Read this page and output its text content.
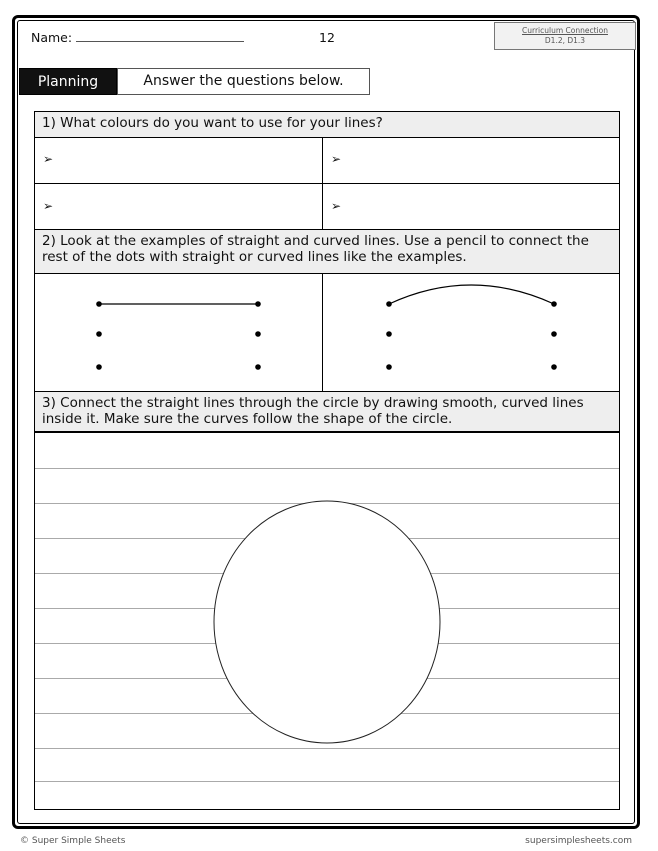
Name:	12	Curriculum Connection
D1.2, D1.3
Planning	Answer the questions below.
1) What colours do you want to use for your lines?
➢	➢
➢	➢
2) Look at the examples of straight and curved lines. Use a pencil to connect the rest of the dots with straight or curved lines like the examples.
3) Connect the straight lines through the circle by drawing smooth, curved lines inside it. Make sure the curves follow the shape of the circle.
© Super Simple Sheets	supersimplesheets.com
